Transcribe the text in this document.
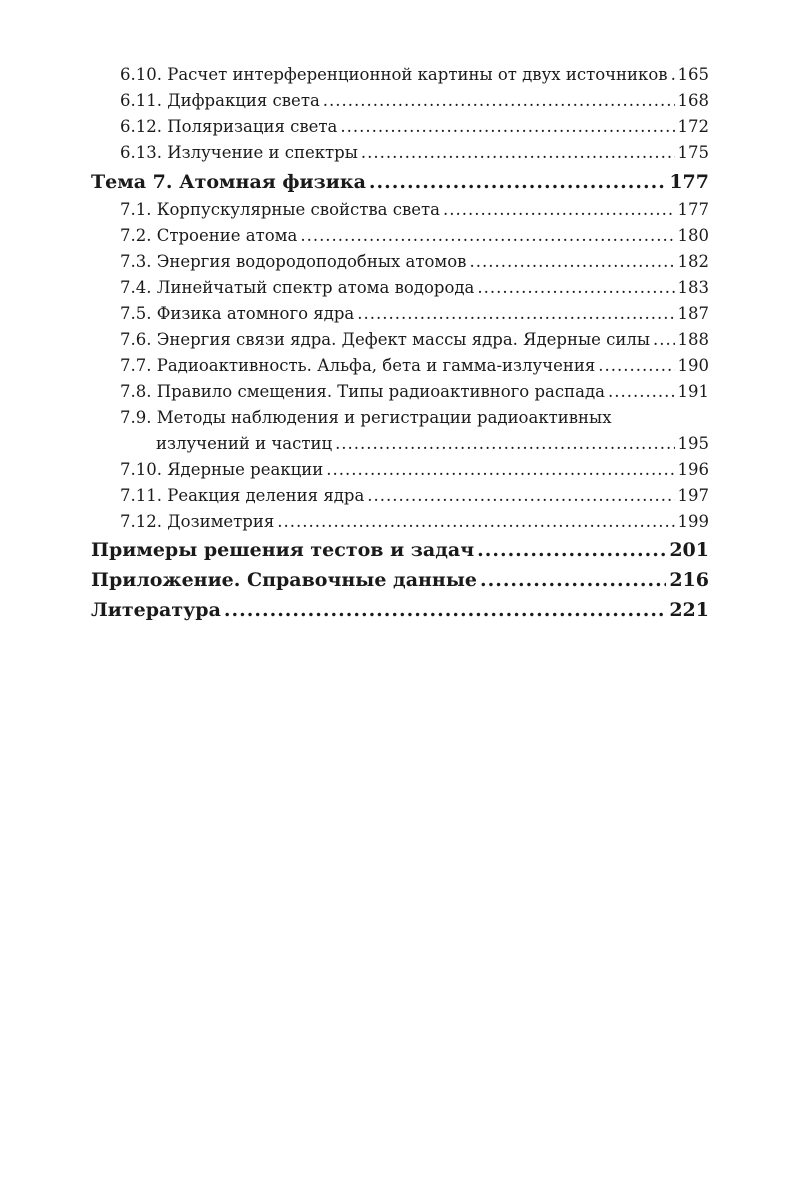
6.10. Расчет интерференционной картины от двух источников ..... 165
6.11. Дифракция света .....	168
6.12. Поляризация света .....	172
6.13. Излучение и спектры .....	175
Тема 7. Атомная физика .....	177
7.1. Корпускулярные свойства света .....	177
7.2. Строение атома .....	180
7.3. Энергия водородоподобных атомов .....	182
7.4. Линейчатый спектр атома водорода .....	183
7.5. Физика атомного ядра .....	187
7.6. Энергия связи ядра. Дефект массы ядра. Ядерные силы ..... 188
7.7. Радиоактивность. Альфа, бета и гамма-излучения .....	190
7.8. Правило смещения. Типы радиоактивного распада .....	191
7.9. Методы наблюдения и регистрации радиоактивных
излучений и частиц .....	195
7.10. Ядерные реакции .....	196
7.11. Реакция деления ядра .....	197
7.12. Дозиметрия .....	199
Примеры решения тестов и задач .....	201
Приложение. Справочные данные .....	216
Литература .....	221
